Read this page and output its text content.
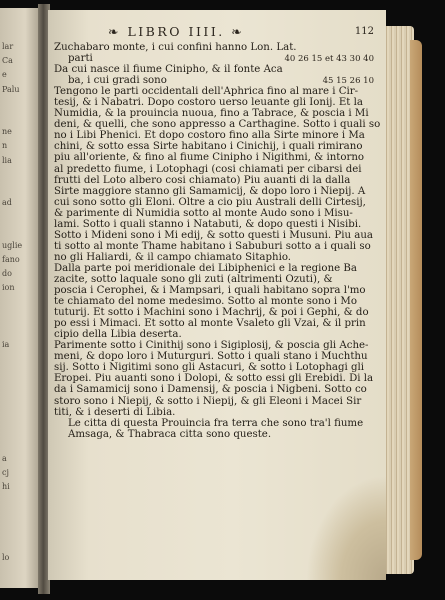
lar
Ca
e
Palu
ne
n
lia
ad
uglie
fano
do
ion
ia
a
cj
hi
lo
❧ LIBRO IIII. ❧	112
Zuchabaro monte, i cui confini hanno Lon. Lat.
parti	40 26 15 et 43 30 40
Da cui nasce il fiume Cinipho, & il fonte Aca
ba, i cui gradi sono	45 15 26 10
Tengono le parti occidentali dell'Aphrica fino al mare i Cir-
tesij, & i Nabatri. Dopo costoro uerso leuante gli Ionij. Et la
Numidia, & la prouincia nuoua, fino a Tabrace, & poscia i Mi
deni, & quelli, che sono appresso a Carthagine. Sotto i quali so
no i Libi Phenici. Et dopo costoro fino alla Sirte minore i Ma
chini, & sotto essa Sirte habitano i Cinichij, i quali rimirano
piu all'oriente, & fino al fiume Cinipho i Nigithmi, & intorno
al predetto fiume, i Lotophagi (cosi chiamati per cibarsi dei
frutti del Loto albero cosi chiamato) Piu auanti di la dalla
Sirte maggiore stanno gli Samamicij, & dopo loro i Niepij. A
cui sono sotto gli Eloni. Oltre a cio piu Australi delli Cirtesij,
& parimente di Numidia sotto al monte Audo sono i Misu-
lami. Sotto i quali stanno i Natabuti, & dopo questi i Nisibi.
Sotto i Mideni sono i Mi edij, & sotto questi i Musuni. Piu aua
ti sotto al monte Thame habitano i Sabuburi sotto a i quali so
no gli Haliardi, & il campo chiamato Sitaphio.
Dalla parte poi meridionale dei Libiphenici e la regione Ba
zacite, sotto laquale sono gli zuti (altrimenti Ozuti), &
poscia i Cerophei, & i Mampsari, i quali habitano sopra l'mo
te chiamato del nome medesimo. Sotto al monte sono i Mo
tuturij. Et sotto i Machini sono i Machrij, & poi i Gephi, & do
po essi i Mimaci. Et sotto al monte Vsaleto gli Vzai, & il prin
cipio della Libia deserta.
Parimente sotto i Cinithij sono i Sigiplosij, & poscia gli Ache-
meni, & dopo loro i Muturguri. Sotto i quali stano i Muchthu
sij. Sotto i Nigitimi sono gli Astacuri, & sotto i Lotophagi gli
Eropei. Piu auanti sono i Dolopi, & sotto essi gli Erebidi. Di la
da i Samamicij sono i Damensij, & poscia i Nigbeni. Sotto co
storo sono i Niepij, & sotto i Niepij, & gli Eleoni i Macei Sir
titi, & i deserti di Libia.
Le citta di questa Prouincia fra terra che sono tra'l fiume
Amsaga, & Thabraca citta sono queste.
